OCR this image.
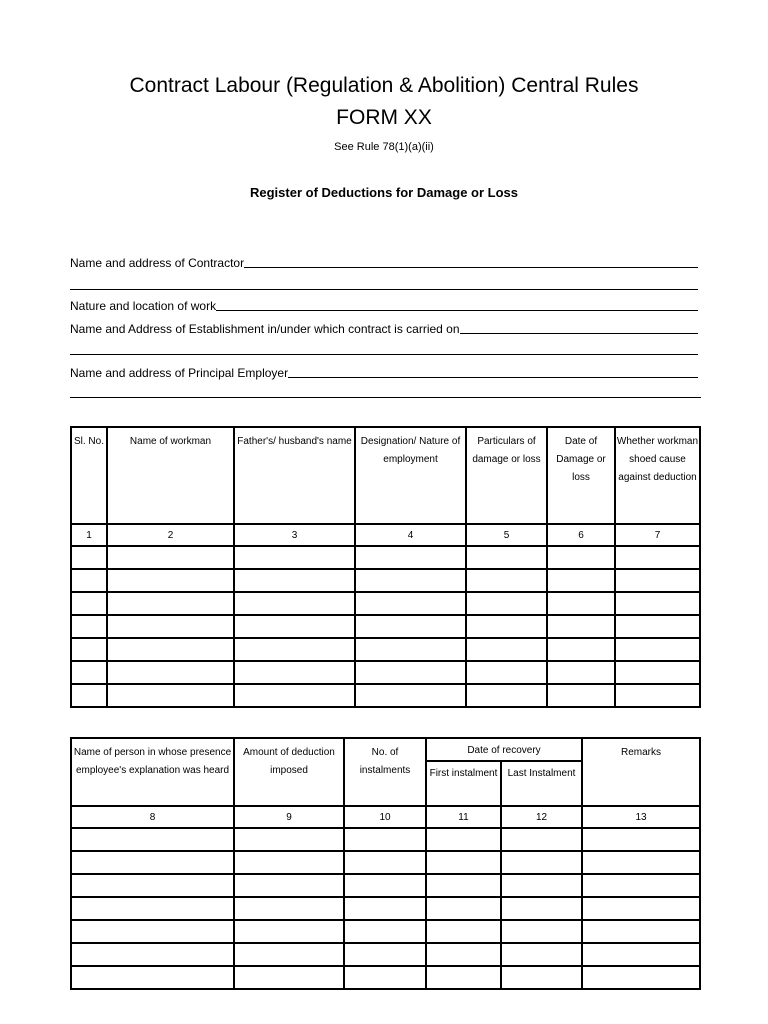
Contract Labour (Regulation & Abolition) Central Rules
FORM XX
See Rule 78(1)(a)(ii)
Register of Deductions for Damage or Loss
Name and address of Contractor
Nature and location of work
Name and Address of Establishment in/under which contract is carried on
Name and address of Principal Employer
Sl. No.	Name of workman	Father's/ husband's name	Designation/ Nature of employment	Particulars of damage or loss	Date of Damage or loss	Whether workman shoed cause against deduction
1	2	3	4	5	6	7

Name of person in whose presence employee's explanation was heard	Amount of deduction imposed	No. of instalments	Date of recovery		Remarks
			First instalment	Last Instalment	
8	9	10	11	12	13
